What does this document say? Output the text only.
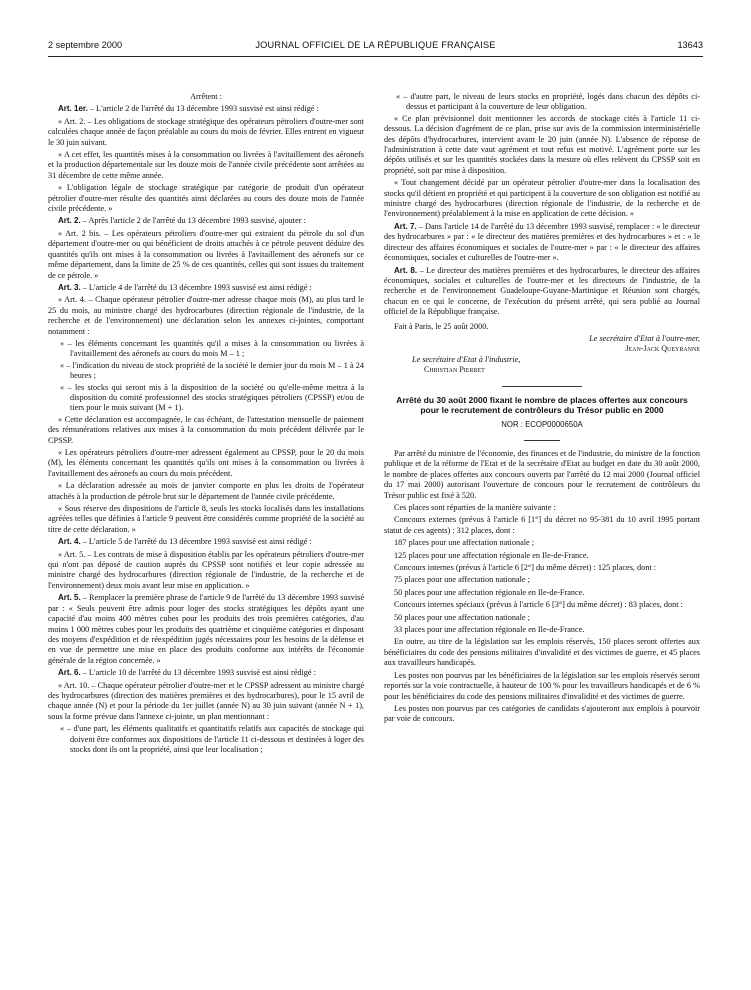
2 septembre 2000	JOURNAL OFFICIEL DE LA RÉPUBLIQUE FRANÇAISE	13643

Arrêtent :

Art. 1er. – L'article 2 de l'arrêté du 13 décembre 1993 susvisé est ainsi rédigé :

« Art. 2. – Les obligations de stockage stratégique des opérateurs pétroliers d'outre-mer sont calculées chaque année de façon préalable au cours du mois de février. Elles entrent en vigueur le 30 juin suivant.

« A cet effet, les quantités mises à la consommation ou livrées à l'avitaillement des aéronefs et la production départementale sur les douze mois de l'année civile précédente sont arrêtées au 31 décembre de cette même année.

« L'obligation légale de stockage stratégique par catégorie de produit d'un opérateur pétrolier d'outre-mer résulte des quantités ainsi déclarées au cours des douze mois de l'année civile précédente. »

Art. 2. – Après l'article 2 de l'arrêté du 13 décembre 1993 susvisé, ajouter :

« Art. 2 bis. – Les opérateurs pétroliers d'outre-mer qui extraient du pétrole du sol d'un département d'outre-mer ou qui bénéficient de droits attachés à ce pétrole peuvent déduire des quantités qu'ils ont mises à la consommation ou livrées à l'avitaillement des aéronefs sur ce même département, dans la limite de 25 % de ces quantités, celles qui sont issues du traitement de ce pétrole. »

Art. 3. – L'article 4 de l'arrêté du 13 décembre 1993 susvisé est ainsi rédigé :

« Art. 4. – Chaque opérateur pétrolier d'outre-mer adresse chaque mois (M), au plus tard le 25 du mois, au ministre chargé des hydrocarbures (direction régionale de l'industrie, de la recherche et de l'environnement) une déclaration selon les annexes ci-jointes, comportant notamment :

« – les éléments concernant les quantités qu'il a mises à la consommation ou livrées à l'avitaillement des aéronefs au cours du mois M – 1 ;

« – l'indication du niveau de stock propriété de la société le dernier jour du mois M – 1 à 24 heures ;

« – les stocks qui seront mis à la disposition de la société ou qu'elle-même mettra à la disposition du comité professionnel des stocks stratégiques pétroliers (CPSSP) et/ou de tiers pour le mois suivant (M + 1).

« Cette déclaration est accompagnée, le cas échéant, de l'attestation mensuelle de paiement des rémunérations relatives aux mises à la consommation du mois précédent délivrée par le CPSSP.

« Les opérateurs pétroliers d'outre-mer adressent également au CPSSP, pour le 20 du mois (M), les éléments concernant les quantités qu'ils ont mises à la consommation ou livrées à l'avitaillement des aéronefs au cours du mois précédent.

« La déclaration adressée au mois de janvier comporte en plus les droits de l'opérateur attachés à la production de pétrole brut sur le département de l'année civile précédente.

« Sous réserve des dispositions de l'article 8, seuls les stocks localisés dans les installations agréées telles que définies à l'article 9 peuvent être considérés comme propriété de la société au titre de cette déclaration. »

Art. 4. – L'article 5 de l'arrêté du 13 décembre 1993 susvisé est ainsi rédigé :

« Art. 5. – Les contrats de mise à disposition établis par les opérateurs pétroliers d'outre-mer qui n'ont pas déposé de caution auprès du CPSSP sont notifiés et leur copie adressée au ministre chargé des hydrocarbures (direction régionale de l'industrie, de la recherche et de l'environnement) deux mois avant leur mise en application. »

Art. 5. – Remplacer la première phrase de l'article 9 de l'arrêté du 13 décembre 1993 susvisé par : « Seuls peuvent être admis pour loger des stocks stratégiques les dépôts ayant une capacité d'au moins 400 mètres cubes pour les produits des trois premières catégories, d'au moins 1 000 mètres cubes pour les produits des quatrième et cinquième catégories et disposant des moyens d'expédition et de réexpédition jugés nécessaires pour les besoins de la défense et en vue de permettre une mise en place des produits conforme aux intérêts de l'économie générale de la région concernée. »

Art. 6. – L'article 10 de l'arrêté du 13 décembre 1993 susvisé est ainsi rédigé :

« Art. 10. – Chaque opérateur pétrolier d'outre-mer et le CPSSP adressent au ministre chargé des hydrocarbures (direction des matières premières et des hydrocarbures), pour le 15 avril de chaque année (N) et pour la période du 1er juillet (année N) au 30 juin suivant (année N + 1), sous la forme prévue dans l'annexe ci-jointe, un plan mentionnant :

« – d'une part, les éléments qualitatifs et quantitatifs relatifs aux capacités de stockage qui doivent être conformes aux dispositions de l'article 11 ci-dessous et destinées à loger des stocks dont ils ont la propriété, ainsi que leur localisation ;

« – d'autre part, le niveau de leurs stocks en propriété, logés dans chacun des dépôts ci-dessus et participant à la couverture de leur obligation.

« Ce plan prévisionnel doit mentionner les accords de stockage cités à l'article 11 ci-dessous. La décision d'agrément de ce plan, prise sur avis de la commission interministérielle des dépôts d'hydrocarbures, intervient avant le 20 juin (année N). L'absence de réponse de l'administration à cette date vaut agrément et tout refus est motivé. L'agrément porte sur les dépôts utilisés et sur les quantités stockées dans la mesure où elles relèvent du CPSSP soit en propriété, soit par mise à disposition.

« Tout changement décidé par un opérateur pétrolier d'outre-mer dans la localisation des stocks qu'il détient en propriété et qui participent à la couverture de son obligation est notifié au ministre chargé des hydrocarbures (direction régionale de l'industrie, de la recherche et de l'environnement) préalablement à la mise en application de cette décision. »

Art. 7. – Dans l'article 14 de l'arrêté du 13 décembre 1993 susvisé, remplacer : « le directeur des hydrocarbures » par : « le directeur des matières premières et des hydrocarbures » et : « le directeur des affaires économiques et sociales de l'outre-mer » par : « le directeur des affaires économiques, sociales et culturelles de l'outre-mer ».

Art. 8. – Le directeur des matières premières et des hydrocarbures, le directeur des affaires économiques, sociales et culturelles de l'outre-mer et les directeurs de l'industrie, de la recherche et de l'environnement Guadeloupe-Guyane-Martinique et Réunion sont chargés, chacun en ce qui le concerne, de l'exécution du présent arrêté, qui sera publié au Journal officiel de la République française.

Fait à Paris, le 25 août 2000.

Le secrétaire d'Etat à l'outre-mer,

Jean-Jack Queyranne

Le secrétaire d'Etat à l'industrie,

Christian Pierret

Arrêté du 30 août 2000 fixant le nombre de places offertes aux concours pour le recrutement de contrôleurs du Trésor public en 2000

NOR : ECOP0000650A

Par arrêté du ministre de l'économie, des finances et de l'industrie, du ministre de la fonction publique et de la réforme de l'Etat et de la secrétaire d'Etat au budget en date du 30 août 2000, le nombre de places offertes aux concours ouverts par l'arrêté du 12 mai 2000 (Journal officiel du 17 mai 2000) autorisant l'ouverture de concours pour le recrutement de contrôleurs du Trésor public est fixé à 520.

Ces places sont réparties de la manière suivante :

Concours externes (prévus à l'article 6 [1°] du décret no 95-381 du 10 avril 1995 portant statut de ces agents) : 312 places, dont :

187 places pour une affectation nationale ;

125 places pour une affectation régionale en Ile-de-France.

Concours internes (prévus à l'article 6 [2°] du même décret) : 125 places, dont :

75 places pour une affectation nationale ;

50 places pour une affectation régionale en Ile-de-France.

Concours internes spéciaux (prévus à l'article 6 [3°] du même décret) : 83 places, dont :

50 places pour une affectation nationale ;

33 places pour une affectation régionale en Ile-de-France.

En outre, au titre de la législation sur les emplois réservés, 150 places seront offertes aux bénéficiaires du code des pensions militaires d'invalidité et des victimes de guerre, et 45 places aux travailleurs handicapés.

Les postes non pourvus par les bénéficiaires de la législation sur les emplois réservés seront reportés sur la voie contractuelle, à hauteur de 100 % pour les travailleurs handicapés et de 6 % pour les bénéficiaires du code des pensions militaires d'invalidité et des victimes de guerre.

Les postes non pourvus par ces catégories de candidats s'ajouteront aux emplois à pourvoir par voie de concours.
